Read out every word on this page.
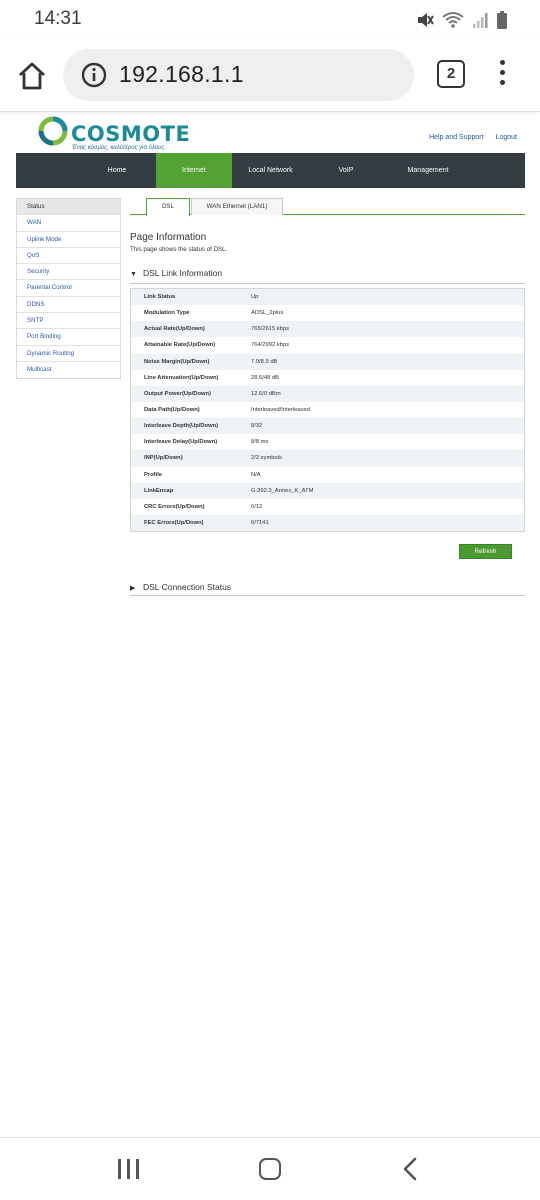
14:31
192.168.1.1	2
COSMOTE
Ένας κόσμος, καλύτερος για όλους.
Help and Support Logout
Home	Internet	Local Network	VoIP	Management
Status
WAN
Uplink Mode
QoS
Security
Parental Control
DDNS
SNTP
Port Binding
Dynamic Routing
Multicast
DSL	WAN Ethernet (LAN1)
Page Information
This page shows the status of DSL.
▼ DSL Link Information
Link Status	Up
Modulation Type	ADSL_2plus
Actual Rate(Up/Down)	765/2615 kbps
Attainable Rate(Up/Down)	764/2992 kbps
Noise Margin(Up/Down)	7.9/8.9 dB
Line Attenuation(Up/Down)	28.6/48 dB
Output Power(Up/Down)	12.6/0 dBm
Data Path(Up/Down)	Interleaved/Interleaved
Interleave Depth(Up/Down)	8/32
Interleave Delay(Up/Down)	8/8 ms
INP(Up/Down)	2/2 symbols
Profile	N/A
LinkEncap	G.992.3_Annex_K_ATM
CRC Errors(Up/Down)	0/12
FEC Errors(Up/Down)	0/7141
Refresh
▶ DSL Connection Status
